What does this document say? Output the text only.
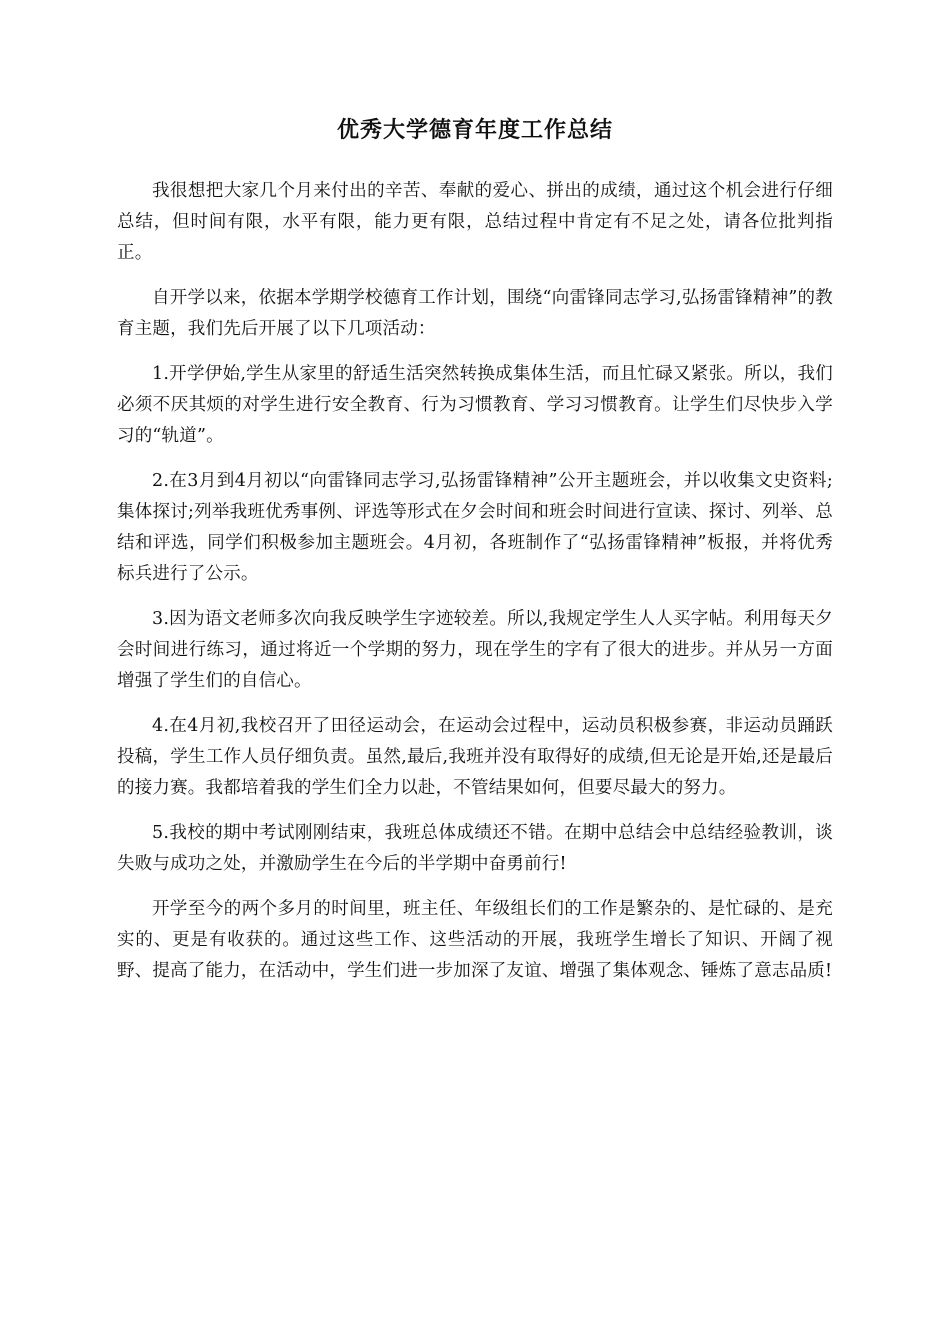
优秀大学德育年度工作总结

我很想把大家几个月来付出的辛苦、奉献的爱心、拼出的成绩，通过这个机会进行仔细总结，但时间有限，水平有限，能力更有限，总结过程中肯定有不足之处，请各位批判指正。

自开学以来，依据本学期学校德育工作计划，围绕“向雷锋同志学习,弘扬雷锋精神”的教育主题，我们先后开展了以下几项活动：

1.开学伊始,学生从家里的舒适生活突然转换成集体生活，而且忙碌又紧张。所以，我们必须不厌其烦的对学生进行安全教育、行为习惯教育、学习习惯教育。让学生们尽快步入学习的“轨道”。

2.在3月到4月初以“向雷锋同志学习,弘扬雷锋精神”公开主题班会，并以收集文史资料;集体探讨;列举我班优秀事例、评选等形式在夕会时间和班会时间进行宣读、探讨、列举、总结和评选，同学们积极参加主题班会。4月初，各班制作了“弘扬雷锋精神”板报，并将优秀标兵进行了公示。

3.因为语文老师多次向我反映学生字迹较差。所以,我规定学生人人买字帖。利用每天夕会时间进行练习，通过将近一个学期的努力，现在学生的字有了很大的进步。并从另一方面增强了学生们的自信心。

4.在4月初,我校召开了田径运动会，在运动会过程中，运动员积极参赛，非运动员踊跃投稿，学生工作人员仔细负责。虽然,最后,我班并没有取得好的成绩,但无论是开始,还是最后的接力赛。我都培着我的学生们全力以赴，不管结果如何，但要尽最大的努力。

5.我校的期中考试刚刚结束，我班总体成绩还不错。在期中总结会中总结经验教训，谈失败与成功之处，并激励学生在今后的半学期中奋勇前行!

开学至今的两个多月的时间里，班主任、年级组长们的工作是繁杂的、是忙碌的、是充实的、更是有收获的。通过这些工作、这些活动的开展，我班学生增长了知识、开阔了视野、提高了能力，在活动中，学生们进一步加深了友谊、增强了集体观念、锤炼了意志品质!
